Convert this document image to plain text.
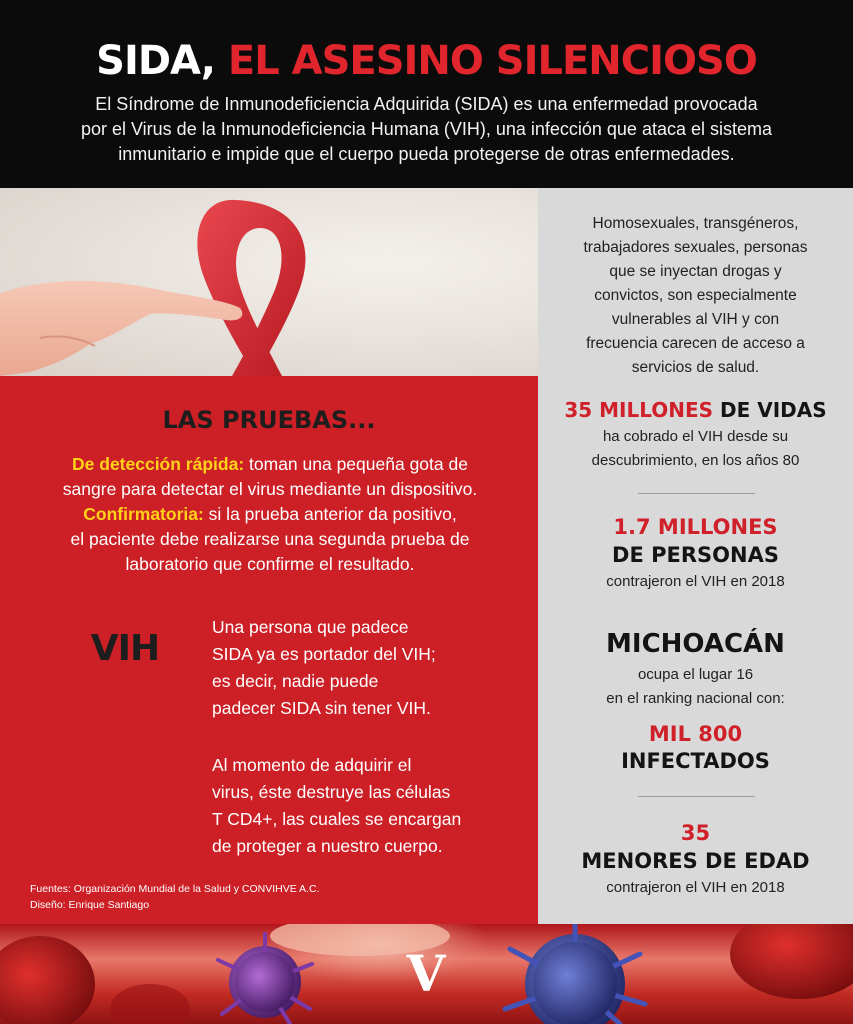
SIDA, EL ASESINO SILENCIOSO
El Síndrome de Inmunodeficiencia Adquirida (SIDA) es una enfermedad provocada
por el Virus de la Inmunodeficiencia Humana (VIH), una infección que ataca el sistema
inmunitario e impide que el cuerpo pueda protegerse de otras enfermedades.
LAS PRUEBAS...
De detección rápida: toman una pequeña gota de
sangre para detectar el virus mediante un dispositivo.
Confirmatoria: si la prueba anterior da positivo,
el paciente debe realizarse una segunda prueba de
laboratorio que confirme el resultado.
VIH
Una persona que padece
SIDA ya es portador del VIH;
es decir, nadie puede
padecer SIDA sin tener VIH.
Al momento de adquirir el
virus, éste destruye las células
T CD4+, las cuales se encargan
de proteger a nuestro cuerpo.
Fuentes: Organización Mundial de la Salud y CONVIHVE A.C.
Diseño: Enrique Santiago
Homosexuales, transgéneros,
trabajadores sexuales, personas
que se inyectan drogas y
convictos, son especialmente
vulnerables al VIH y con
frecuencia carecen de acceso a
servicios de salud.
35 MILLONES DE VIDAS
ha cobrado el VIH desde su
descubrimiento, en los años 80
1.7 MILLONES
DE PERSONAS
contrajeron el VIH en 2018
MICHOACÁN
ocupa el lugar 16
en el ranking nacional con:
MIL 800
INFECTADOS
35
MENORES DE EDAD
contrajeron el VIH en 2018
V
